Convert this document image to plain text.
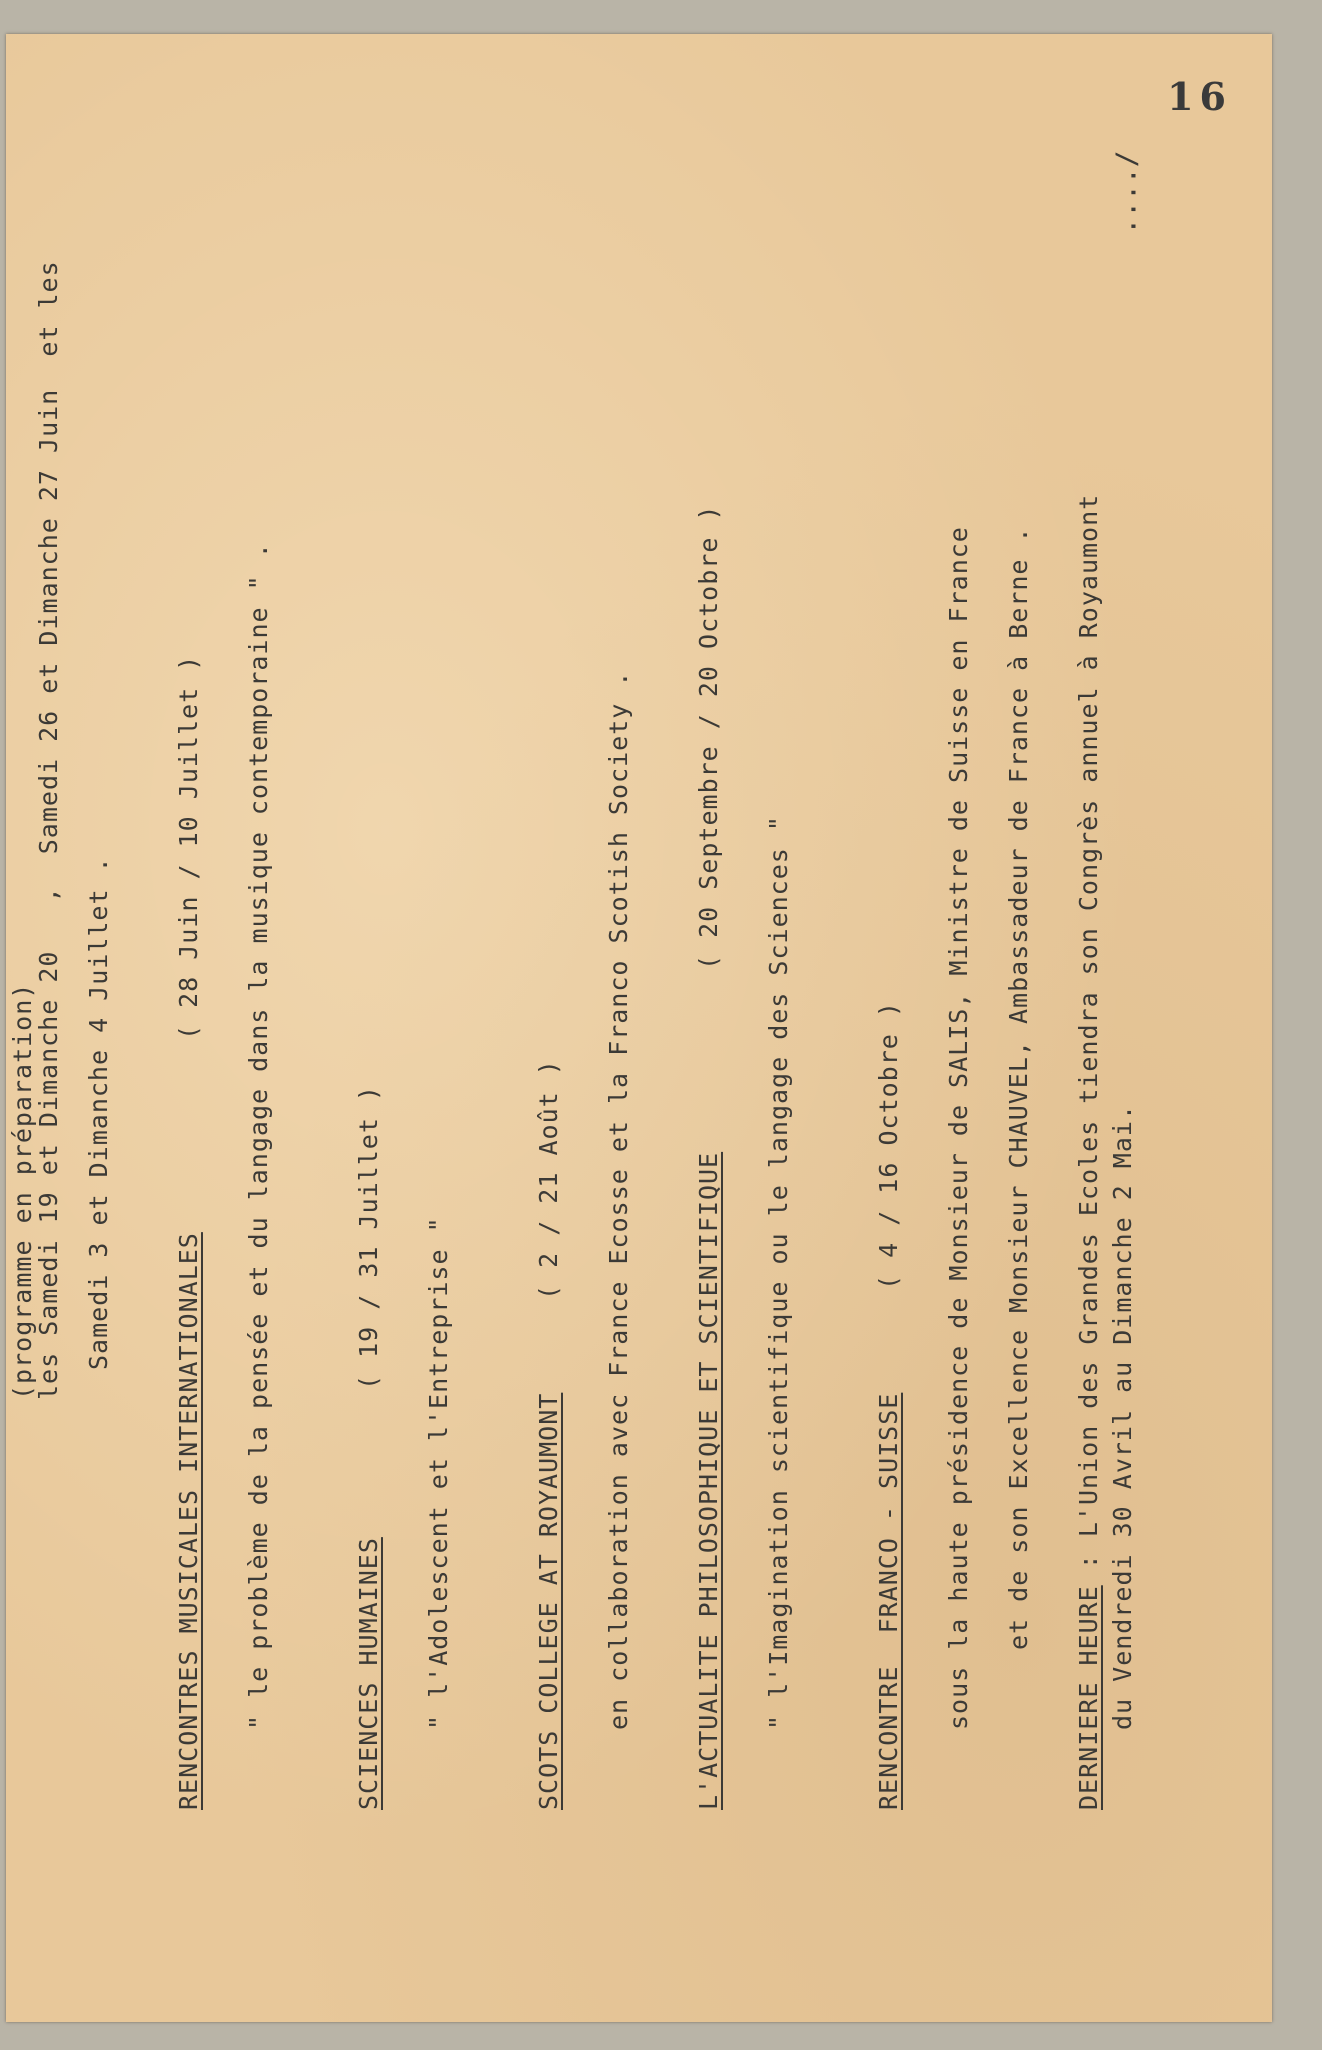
16
..../
(programme en préparation)
les Samedi 19 et Dimanche 20   ,  Samedi 26 et Dimanche 27 Juin  et les Samedi 3 et Dimanche 4 Juillet .
RENCONTRES MUSICALES INTERNATIONALES
( 28 Juin / 10 Juillet ) " le problème de la pensée et du langage dans la musique contemporaine " .	SCIENCES HUMAINES
( 19 / 31 Juillet ) " l'Adolescent et l'Entreprise "	SCOTS COLLEGE AT ROYAUMONT
( 2 / 21 Août ) en collaboration avec France Ecosse et la Franco Scotish Society . L'ACTUALITE PHILOSOPHIQUE ET SCIENTIFIQUE
( 20 Septembre / 20 Octobre )
" l'Imagination scientifique ou le langage des Sciences "	RENCONTRE  FRANCO - SUISSE
( 4 / 16 Octobre ) sous la haute présidence de Monsieur de SALIS, Ministre de Suisse en France et de son Excellence Monsieur CHAUVEL, Ambassadeur de France à Berne .
DERNIERE HEURE : L'Union des Grandes Ecoles tiendra son Congrès annuel à Royaumont du Vendredi 30 Avril au Dimanche 2 Mai.
